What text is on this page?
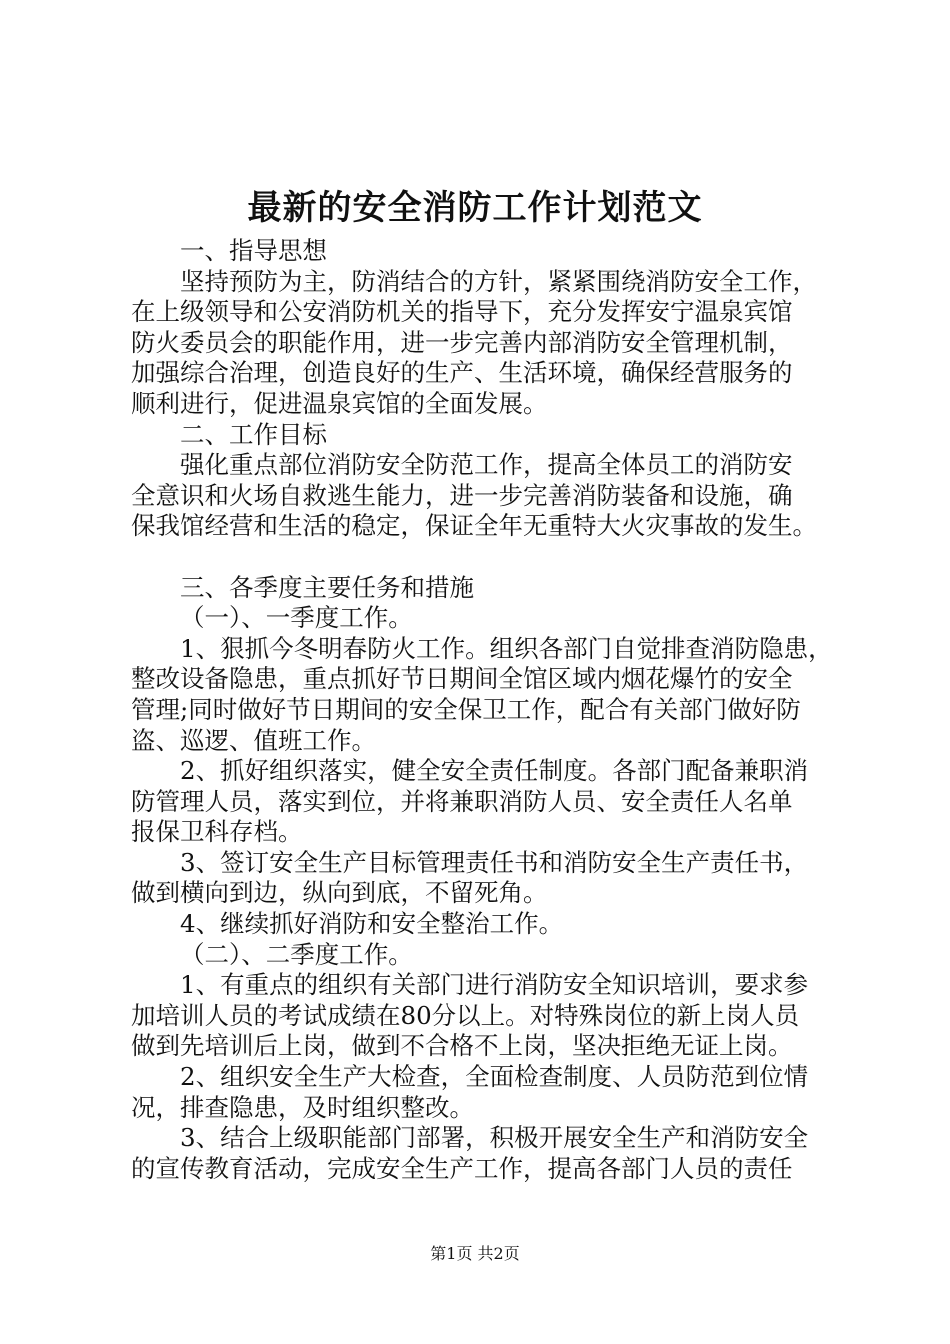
最新的安全消防工作计划范文
一、指导思想
坚持预防为主，防消结合的方针，紧紧围绕消防安全工作，
在上级领导和公安消防机关的指导下，充分发挥安宁温泉宾馆
防火委员会的职能作用，进一步完善内部消防安全管理机制，
加强综合治理，创造良好的生产、生活环境，确保经营服务的
顺利进行，促进温泉宾馆的全面发展。
二、工作目标
强化重点部位消防安全防范工作，提高全体员工的消防安
全意识和火场自救逃生能力，进一步完善消防装备和设施，确
保我馆经营和生活的稳定，保证全年无重特大火灾事故的发生。
三、各季度主要任务和措施
（一）、一季度工作。
1、狠抓今冬明春防火工作。组织各部门自觉排查消防隐患，
整改设备隐患，重点抓好节日期间全馆区域内烟花爆竹的安全
管理;同时做好节日期间的安全保卫工作，配合有关部门做好防
盗、巡逻、值班工作。
2、抓好组织落实，健全安全责任制度。各部门配备兼职消
防管理人员，落实到位，并将兼职消防人员、安全责任人名单
报保卫科存档。
3、签订安全生产目标管理责任书和消防安全生产责任书，
做到横向到边，纵向到底，不留死角。
4、继续抓好消防和安全整治工作。
（二）、二季度工作。
1、有重点的组织有关部门进行消防安全知识培训，要求参
加培训人员的考试成绩在80分以上。对特殊岗位的新上岗人员
做到先培训后上岗，做到不合格不上岗，坚决拒绝无证上岗。
2、组织安全生产大检查，全面检查制度、人员防范到位情
况，排查隐患，及时组织整改。
3、结合上级职能部门部署，积极开展安全生产和消防安全
的宣传教育活动，完成安全生产工作，提高各部门人员的责任
第1页 共2页
